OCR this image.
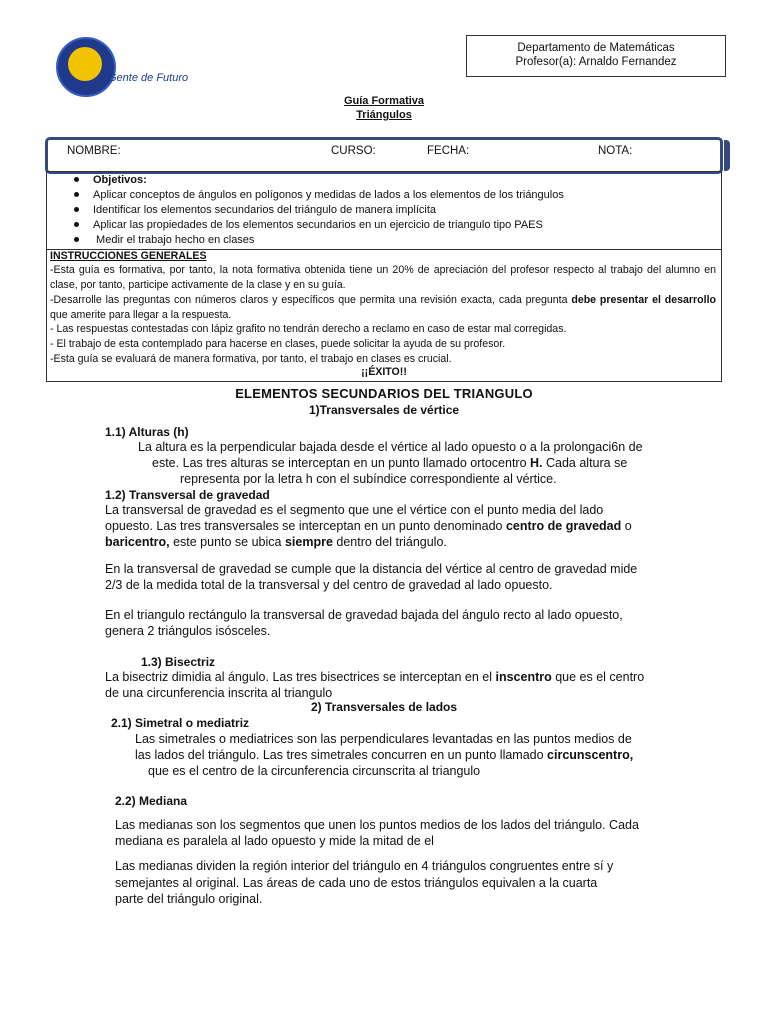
Gente de Futuro
Departamento de Matemáticas
Profesor(a): Arnaldo Fernandez
Guía Formativa
Triángulos
NOMBRE:	CURSO:	FECHA:	NOTA:
Objetivos:
Aplicar conceptos de ángulos en polígonos y medidas de lados a los elementos de los triángulos
Identificar los elementos secundarios del triángulo de manera implícita
Aplicar las propiedades de los elementos secundarios en un ejercicio de triangulo tipo PAES
Medir el trabajo hecho en clases
INSTRUCCIONES GENERALES
-Esta guía es formativa, por tanto, la nota formativa obtenida tiene un 20% de apreciación del profesor respecto al trabajo del alumno en clase, por tanto, participe activamente de la clase y en su guía.
-Desarrolle las preguntas con números claros y específicos que permita una revisión exacta, cada pregunta debe presentar el desarrollo que amerite para llegar a la respuesta.
- Las respuestas contestadas con lápiz grafito no tendrán derecho a reclamo en caso de estar mal corregidas.
- El trabajo de esta contemplado para hacerse en clases, puede solicitar la ayuda de su profesor.
-Esta guía se evaluará de manera formativa, por tanto, el trabajo en clases es crucial.
¡¡ÉXITO!!
ELEMENTOS SECUNDARIOS DEL TRIANGULO
1)Transversales de vértice
1.1) Alturas (h)
La altura es la perpendicular bajada desde el vértice al lado opuesto o a la prolongaci6n de
este. Las tres alturas se interceptan en un punto llamado ortocentro H. Cada altura se
representa por la letra h con el subíndice correspondiente al vértice.
1.2) Transversal de gravedad
La transversal de gravedad es el segmento que une el vértice con el punto media del lado
opuesto. Las tres transversales se interceptan en un punto denominado centro de gravedad o
baricentro, este punto se ubica siempre dentro del triángulo.
En la transversal de gravedad se cumple que la distancia del vértice al centro de gravedad mide
2/3 de la medida total de la transversal y del centro de gravedad al lado opuesto.
En el triangulo rectángulo la transversal de gravedad bajada del ángulo recto al lado opuesto,
genera 2 triángulos isósceles.
1.3) Bisectriz
La bisectriz dimidia al ángulo. Las tres bisectrices se interceptan en el inscentro que es el centro
de una circunferencia inscrita al triangulo
2) Transversales de lados
2.1) Simetral o mediatriz
Las simetrales o mediatrices son las perpendiculares levantadas en las puntos medios de
las lados del triángulo. Las tres simetrales concurren en un punto llamado circunscentro,
que es el centro de la circunferencia circunscrita al triangulo
2.2) Mediana
Las medianas son los segmentos que unen los puntos medios de los lados del triángulo. Cada
mediana es paralela al lado opuesto y mide la mitad de el
Las medianas dividen la región interior del triángulo en 4 triángulos congruentes entre sí y
semejantes al original. Las áreas de cada uno de estos triángulos equivalen a la cuarta
parte del triángulo original.
